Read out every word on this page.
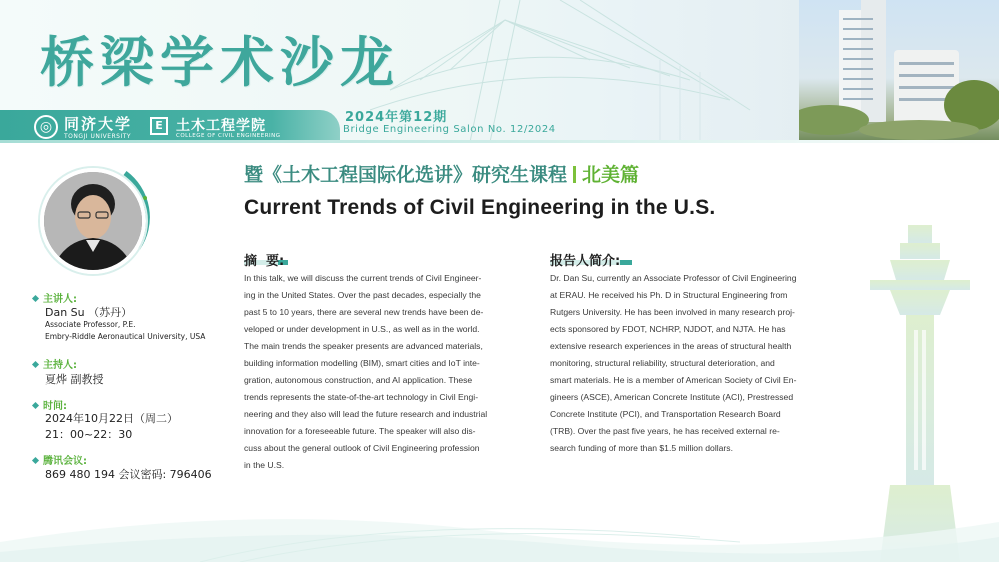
桥梁学术沙龙
◎ 同济大学
TONGJI UNIVERSITY
E 土木工程学院
COLLEGE OF CIVIL ENGINEERING
2024年第12期
Bridge Engineering Salon No. 12/2024
暨《土木工程国际化选讲》研究生课程 北美篇
Current Trends of Civil Engineering in the U.S.
主讲人:
Dan Su （苏丹）
Associate Professor, P.E.
Embry-Riddle Aeronautical University, USA
主持人:
夏烨 副教授
时间:
2024年10月22日（周二）
21：00~22：30
腾讯会议:
869 480 194 会议密码: 796406
摘  要:
In this talk, we will discuss the current trends of Civil Engineer-
ing in the United States. Over the past decades, especially the
past 5 to 10 years, there are several new trends have been de-
veloped or under development in U.S., as well as in the world.
The main trends the speaker presents are advanced materials,
building information modelling (BIM), smart cities and IoT inte-
gration, autonomous construction, and AI application. These
trends represents the state-of-the-art technology in Civil Engi-
neering and they also will lead the future research and industrial
innovation for a foreseeable future. The speaker will also dis-
cuss about the general outlook of Civil Engineering profession
in the U.S.
报告人简介:
Dr. Dan Su, currently an Associate Professor of Civil Engineering
at ERAU. He received his Ph. D in Structural Engineering from
Rutgers University. He has been involved in many research proj-
ects sponsored by FDOT, NCHRP, NJDOT, and NJTA. He has
extensive research experiences in the areas of structural health
monitoring, structural reliability, structural deterioration, and
smart materials. He is a member of American Society of Civil En-
gineers (ASCE), American Concrete Institute (ACI), Prestressed
Concrete Institute (PCI), and Transportation Research Board
(TRB). Over the past five years, he has received external re-
search funding of more than $1.5 million dollars.
